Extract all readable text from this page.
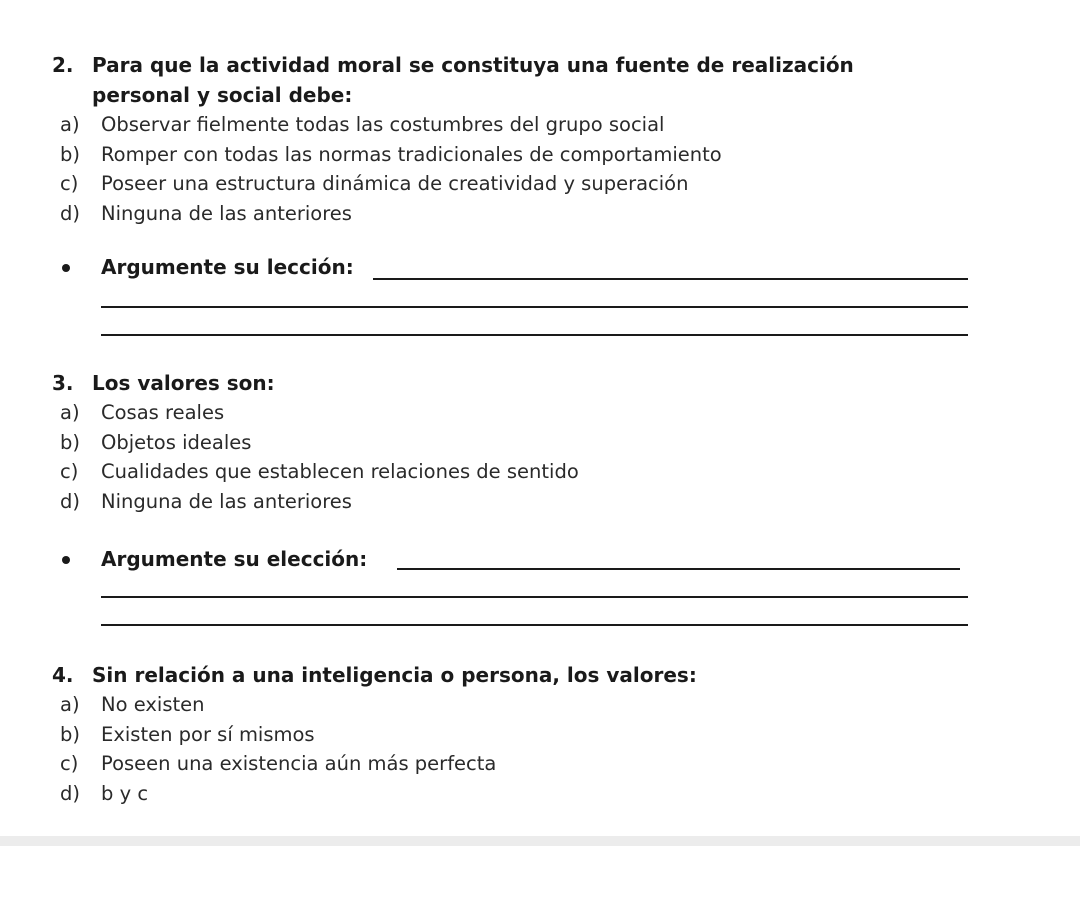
2. Para que la actividad moral se constituya una fuente de realización personal y social debe:
a) Observar fielmente todas las costumbres del grupo social
b) Romper con todas las normas tradicionales de comportamiento
c) Poseer una estructura dinámica de creatividad y superación
d) Ninguna de las anteriores
Argumente su lección:
3. Los valores son:
a) Cosas reales
b) Objetos ideales
c) Cualidades que establecen relaciones de sentido
d) Ninguna de las anteriores
Argumente su elección:
4. Sin relación a una inteligencia o persona, los valores:
a) No existen
b) Existen por sí mismos
c) Poseen una existencia aún más perfecta
d) b y c
